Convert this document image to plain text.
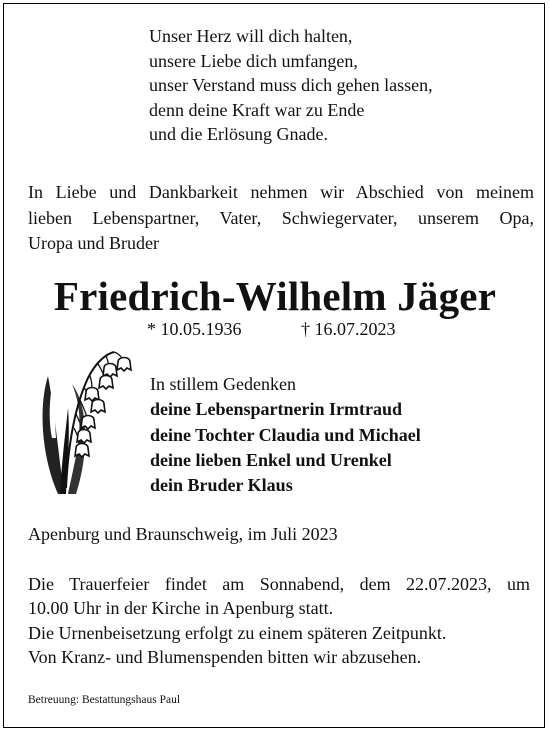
Unser Herz will dich halten,
unsere Liebe dich umfangen,
unser Verstand muss dich gehen lassen,
denn deine Kraft war zu Ende
und die Erlösung Gnade.
In Liebe und Dankbarkeit nehmen wir Abschied von meinem
lieben Lebenspartner, Vater, Schwiegervater, unserem Opa,
Uropa und Bruder
Friedrich-Wilhelm Jäger
* 10.05.1936	† 16.07.2023
In stillem Gedenken
deine Lebenspartnerin Irmtraud
deine Tochter Claudia und Michael
deine lieben Enkel und Urenkel
dein Bruder Klaus
Apenburg und Braunschweig, im Juli 2023
Die Trauerfeier findet am Sonnabend, dem 22.07.2023, um
10.00 Uhr in der Kirche in Apenburg statt.
Die Urnenbeisetzung erfolgt zu einem späteren Zeitpunkt.
Von Kranz- und Blumenspenden bitten wir abzusehen.
Betreuung: Bestattungshaus Paul
